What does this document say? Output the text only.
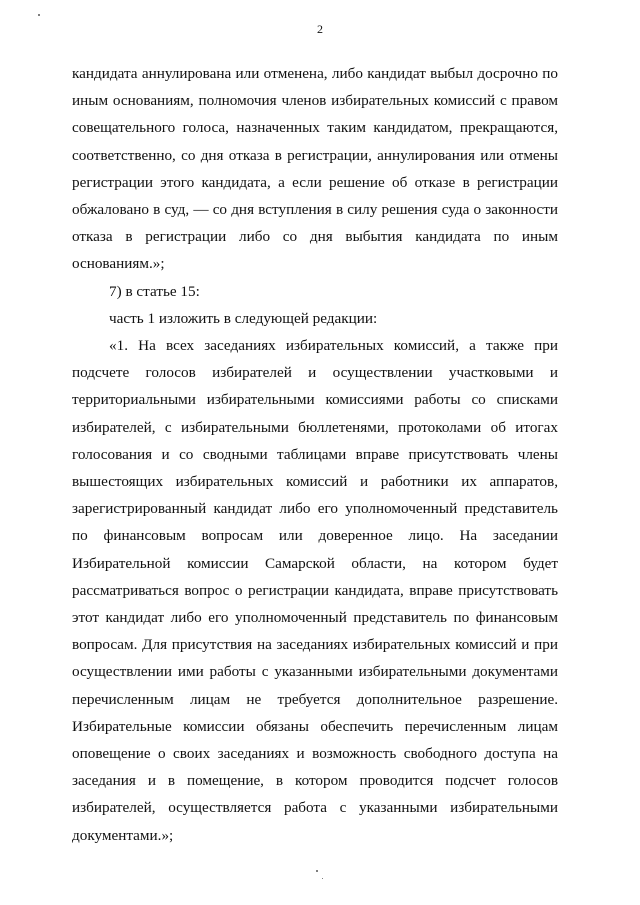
2

кандидата аннулирована или отменена, либо кандидат выбыл досрочно по иным основаниям, полномочия членов избирательных комиссий с правом совещательного голоса, назначенных таким кандидатом, прекращаются, соответственно, со дня отказа в регистрации, аннулирования или отмены регистрации этого кандидата, а если решение об отказе в регистрации обжаловано в суд, — со дня вступления в силу решения суда о законности отказа в регистрации либо со дня выбытия кандидата по иным основаниям.»;

7) в статье 15:

часть 1 изложить в следующей редакции:

«1. На всех заседаниях избирательных комиссий, а также при подсчете голосов избирателей и осуществлении участковыми и территориальными избирательными комиссиями работы со списками избирателей, с избирательными бюллетенями, протоколами об итогах голосования и со сводными таблицами вправе присутствовать члены вышестоящих избирательных комиссий и работники их аппаратов, зарегистрированный кандидат либо его уполномоченный представитель по финансовым вопросам или доверенное лицо. На заседании Избирательной комиссии Самарской области, на котором будет рассматриваться вопрос о регистрации кандидата, вправе присутствовать этот кандидат либо его уполномоченный представитель по финансовым вопросам. Для присутствия на заседаниях избирательных комиссий и при осуществлении ими работы с указанными избирательными документами перечисленным лицам не требуется дополнительное разрешение. Избирательные комиссии обязаны обеспечить перечисленным лицам оповещение о своих заседаниях и возможность свободного доступа на заседания и в помещение, в котором проводится подсчет голосов избирателей, осуществляется работа с указанными избирательными документами.»;
